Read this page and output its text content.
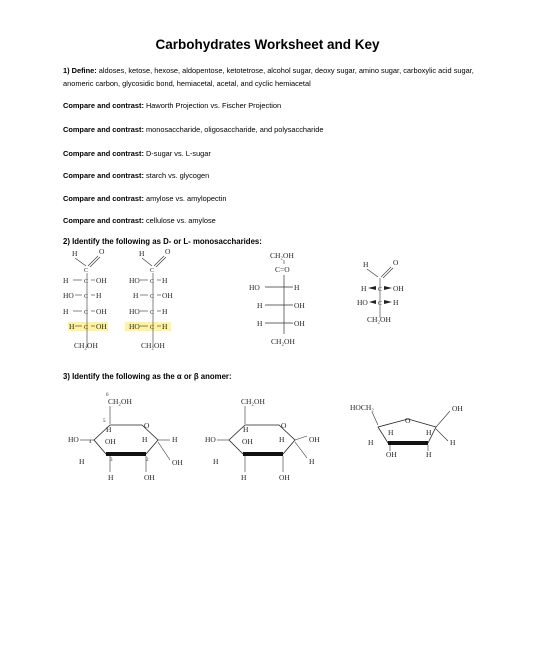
Carbohydrates Worksheet and Key
1) Define: aldoses, ketose, hexose, aldopentose, ketotetrose, alcohol sugar, deoxy sugar, amino sugar, carboxylic acid sugar, anomeric carbon, glycosidic bond, hemiacetal, acetal, and cyclic hemiacetal
Compare and contrast: Haworth Projection vs. Fischer Projection
Compare and contrast: monosaccharide, oligosaccharide, and polysaccharide
Compare and contrast: D-sugar vs. L-sugar
Compare and contrast: starch vs. glycogen
Compare and contrast: amylose vs. amylopectin
Compare and contrast: cellulose vs. amylose
2) Identify the following as D- or L- monosaccharides:
H	O
C
H	C OH
HO C H
H	C OH
H C OH
CH₂OH
H	O
C
HO C H
H C OH
HO C H
HO C H
CH₂OH
CH₂OH
C=O
HO	H
H	OH
H	OH
CH₂OH
H	O
H C OH
HO C H
CH₂OH
3) Identify the following as the α or β anomer:
6
CH₂OH
5	O
4
3	2
HO	H
H
H
OH	H
OH
H	OH
CH₂OH
O
HO	OH
H
OH	H
H	H
H	OH
HOCH₂
O
OH
H	H
H	H
OH	H
